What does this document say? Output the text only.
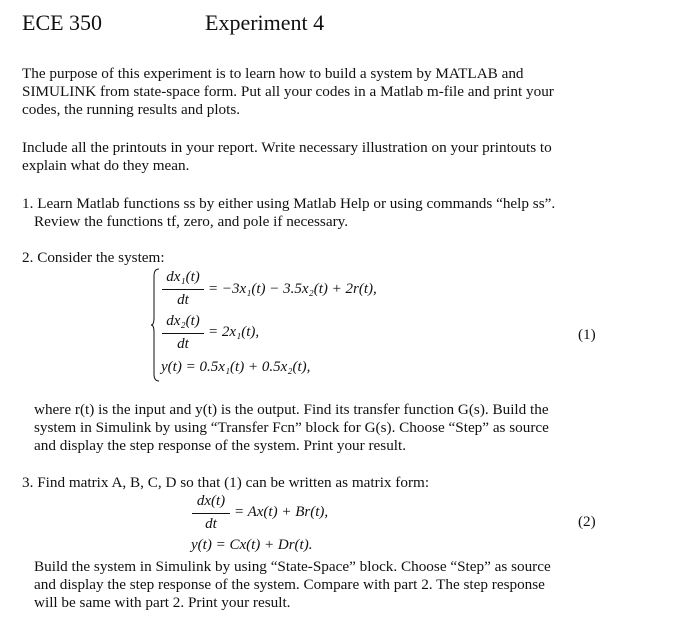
ECE 350	Experiment 4
The purpose of this experiment is to learn how to build a system by MATLAB and
SIMULINK from state-space form. Put all your codes in a Matlab m-file and print your
codes, the running results and plots.
Include all the printouts in your report. Write necessary illustration on your printouts to
explain what do they mean.
1. Learn Matlab functions ss by either using Matlab Help or using commands “help ss”.
Review the functions tf, zero, and pole if necessary.
2. Consider the system:
dx₁(t)
dt
= −3x₁(t) − 3.5x₂(t) + 2r(t),
dx₂(t)
dt
= 2x₁(t),
y(t) = 0.5x₁(t) + 0.5x₂(t),
(1)
where r(t) is the input and y(t) is the output. Find its transfer function G(s). Build the
system in Simulink by using “Transfer Fcn” block for G(s). Choose “Step” as source
and display the step response of the system. Print your result.
3. Find matrix A, B, C, D so that (1) can be written as matrix form:
dx(t)
dt
= Ax(t) + Br(t),
y(t) = Cx(t) + Dr(t).
(2)
Build the system in Simulink by using “State-Space” block. Choose “Step” as source
and display the step response of the system. Compare with part 2. The step response
will be same with part 2. Print your result.
